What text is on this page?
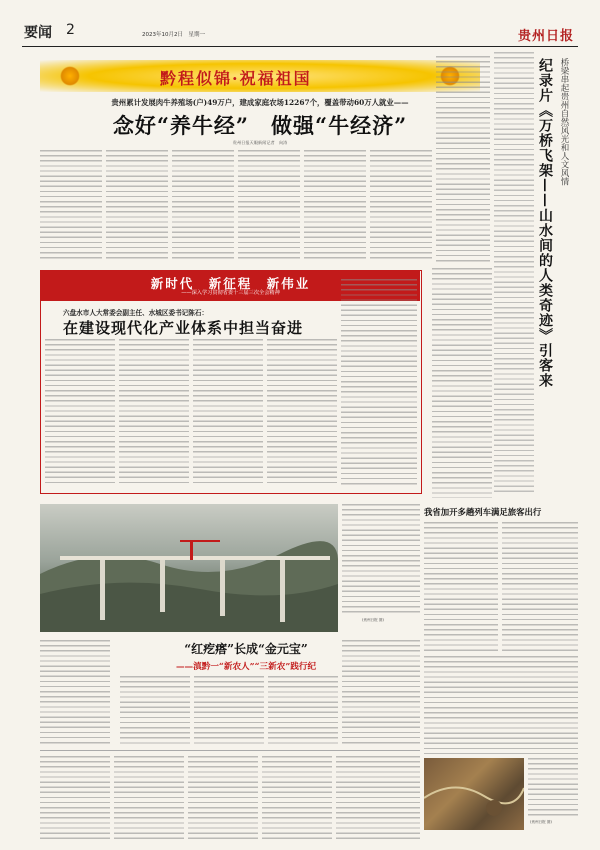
要闻 2	2023年10月2日　星期一	贵州日报
黔程似锦·祝福祖国
贵州累计发展肉牛养殖场(户)49万户，建成家庭农场12267个，覆盖带动60万人就业——
念好“养牛经”　做强“牛经济”
贵州日报天眼新闻记者　向涛	纪录片《万桥飞架——山水间的人类奇迹》引客来 桥梁串起贵州自然风光和人文风情
新时代　新征程　新伟业
——深入学习贯彻省委十三届三次全会精神
六盘水市人大常委会副主任、水城区委书记陈石：
在建设现代化产业体系中担当奋进
我省加开多趟列车满足旅客出行
(贵州日报 图)
“红疙瘩”长成“金元宝”
——滇黔一“新农人”“三新农”践行纪
(贵州日报 图)
